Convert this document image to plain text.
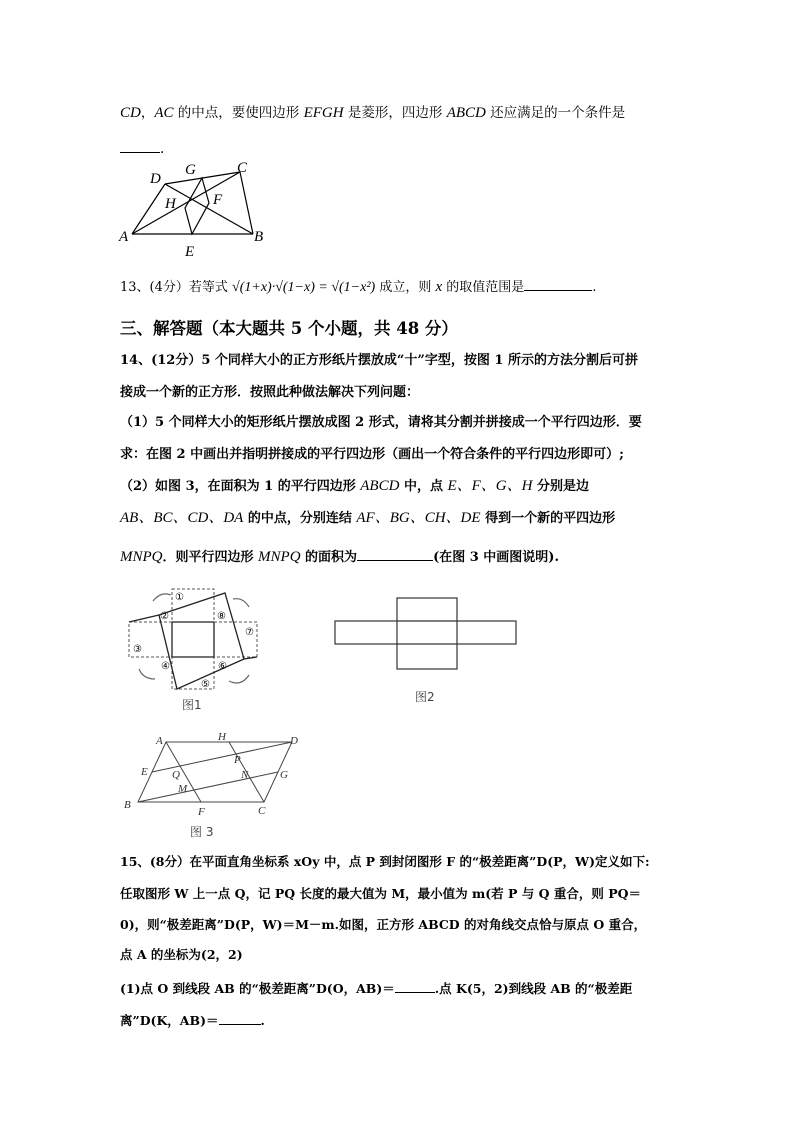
CD，AC 的中点，要使四边形 EFGH 是菱形，四边形 ABCD 还应满足的一个条件是
.
A	B
C
D
E
F
G
H
13、(4分）若等式 √(1+x)·√(1−x) = √(1−x²) 成立，则 x 的取值范围是	.
三、解答题（本大题共 5 个小题，共 48 分）
14、(12分）5 个同样大小的正方形纸片摆放成“十”字型，按图 1 所示的方法分割后可拼
接成一个新的正方形．按照此种做法解决下列问题：
（1）5 个同样大小的矩形纸片摆放成图 2 形式，请将其分割并拼接成一个平行四边形．要
求：在图 2 中画出并指明拼接成的平行四边形（画出一个符合条件的平行四边形即可）;
（2）如图 3，在面积为 1 的平行四边形 ABCD 中，点 E、F、G、H 分别是边
AB、BC、CD、DA 的中点，分别连结 AF、BG、CH、DE 得到一个新的平四边形
MNPQ．则平行四边形 MNPQ 的面积为	(在图 3 中画图说明).
①
②
③
④
⑤
⑥
⑦
⑧
图1
图2
A	H	D
E Q
P
N	G
M
B
F	C
图 3
15、(8分）在平面直角坐标系 xOy 中，点 P 到封闭图形 F 的“极差距离”D(P，W)定义如下:
任取图形 W 上一点 Q，记 PQ 长度的最大值为 M，最小值为 m(若 P 与 Q 重合，则 PQ＝
0)，则“极差距离”D(P，W)＝M－m.如图，正方形 ABCD 的对角线交点恰与原点 O 重合，
点 A 的坐标为(2，2)
(1)点 O 到线段 AB 的“极差距离”D(O，AB)＝	.点 K(5，2)到线段 AB 的“极差距
离”D(K，AB)＝	.
